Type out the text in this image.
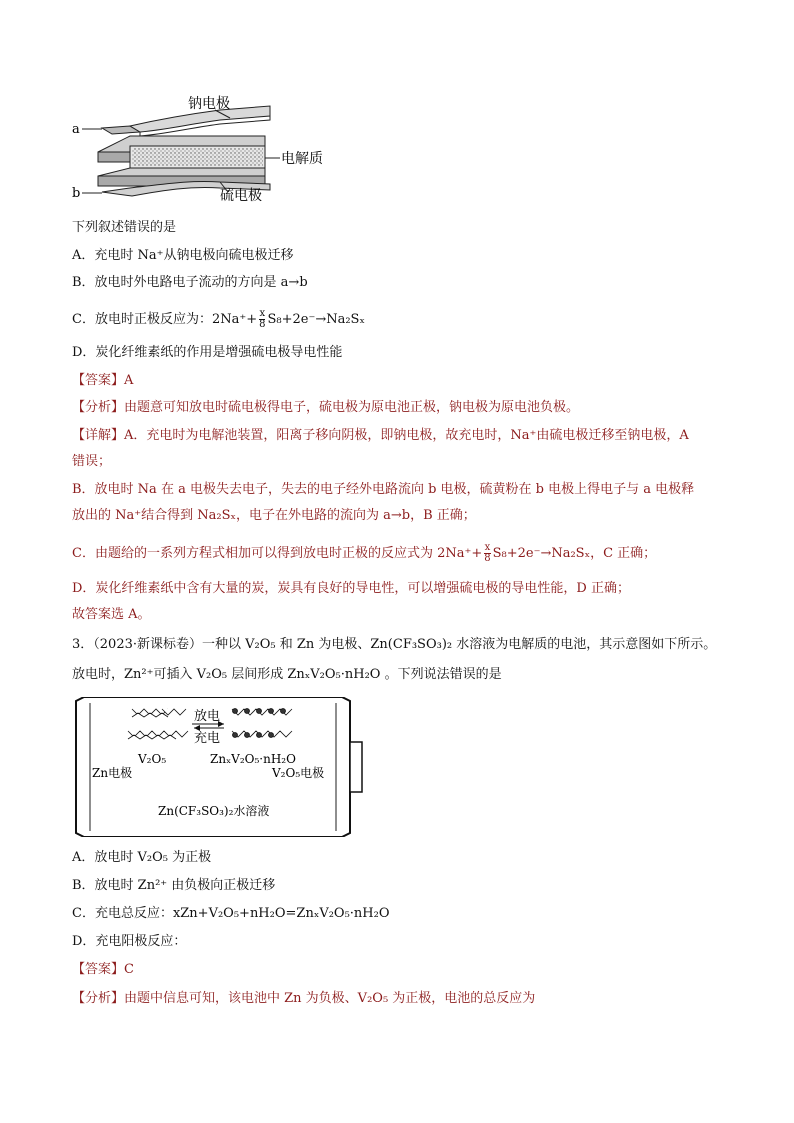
a
b
钠电极
电解质
硫电极
下列叙述错误的是
A．充电时 Na⁺从钠电极向硫电极迁移
B．放电时外电路电子流动的方向是 a→b
C．放电时正极反应为：$2Na^++ \frac{x}{8} S_8+2e^-\to Na_2S_x$
D．炭化纤维素纸的作用是增强硫电极导电性能
【答案】A
【分析】由题意可知放电时硫电极得电子，硫电极为原电池正极，钠电极为原电池负极。
【详解】A．充电时为电解池装置，阳离子移向阴极，即钠电极，故充电时，Na⁺由硫电极迁移至钠电极，A
错误；
B．放电时 Na 在 a 电极失去电子，失去的电子经外电路流向 b 电极，硫黄粉在 b 电极上得电子与 a 电极释
放出的 Na⁺结合得到 Na₂Sₓ，电子在外电路的流向为 a→b，B 正确；
C．由题给的一系列方程式相加可以得到放电时正极的反应式为 $2Na^++ \frac{x}{8} S_8+2e^-\to Na_2S_x$，C 正确；
D．炭化纤维素纸中含有大量的炭，炭具有良好的导电性，可以增强硫电极的导电性能，D 正确；
故答案选 A。
3．（2023·新课标卷）一种以 V₂O₅ 和 Zn 为电极、Zn(CF₃SO₃)₂ 水溶液为电解质的电池，其示意图如下所示。
放电时，Zn²⁺可插入 V₂O₅ 层间形成 ZnₓV₂O₅·nH₂O 。下列说法错误的是
放电
充电
V₂O₅	ZnₓV₂O₅·nH₂O
Zn电极	V₂O₅电极
Zn(CF₃SO₃)₂水溶液
A．放电时 V₂O₅ 为正极
B．放电时 Zn²⁺ 由负极向正极迁移
C．充电总反应：xZn+V₂O₅+nH₂O=ZnₓV₂O₅·nH₂O
D．充电阳极反应：
【答案】C
【分析】由题中信息可知，该电池中 Zn 为负极、V₂O₅ 为正极，电池的总反应为
